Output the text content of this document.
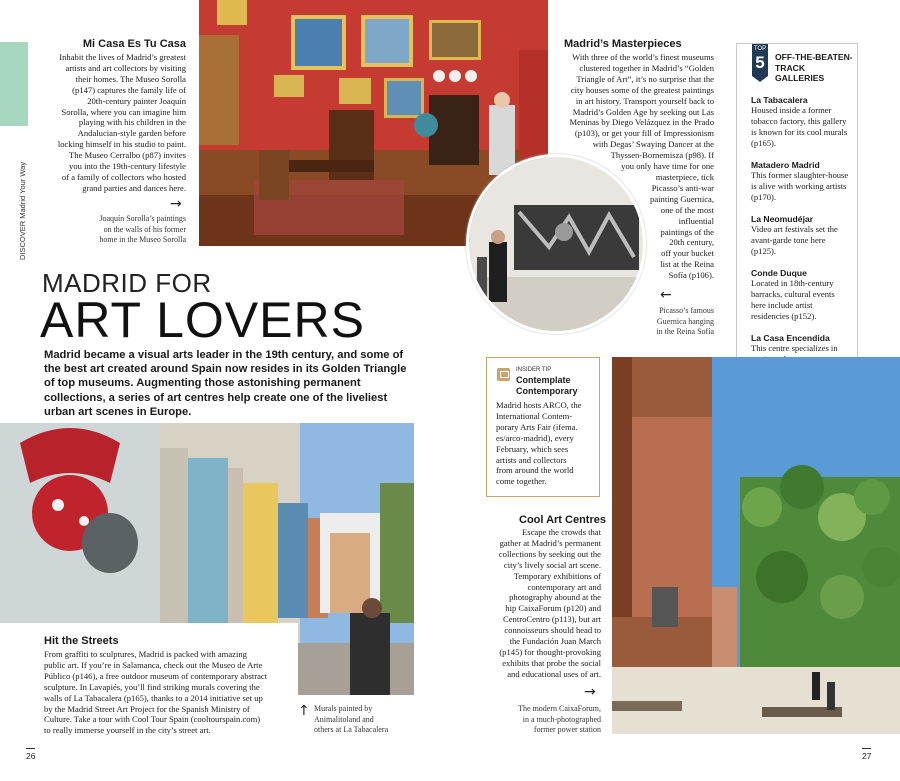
DISCOVER Madrid Your Way
Mi Casa Es Tu Casa
Inhabit the lives of Madrid’s greatest
artists and art collectors by visiting
their homes. The Museo Sorolla
(p147) captures the family life of
20th-century painter Joaquín
Sorolla, where you can imagine him
playing with his children in the
Andalucian-style garden before
locking himself in his studio to paint.
The Museo Cerralbo (p87) invites
you into the 19th-century lifestyle
of a family of collectors who hosted
grand parties and dances here.
→
Joaquín Sorolla’s paintings
on the walls of his former
home in the Museo Sorolla
Madrid’s Masterpieces
With three of the world’s finest museums
clustered together in Madrid’s “Golden
Triangle of Art”, it’s no surprise that the
city houses some of the greatest paintings
in art history. Transport yourself back to
Madrid’s Golden Age by seeking out Las
Meninas by Diego Velázquez in the Prado
(p103), or get your fill of Impressionism
with Degas’ Swaying Dancer at the
Thyssen-Bornemisza (p98). If
you only have time for one
masterpiece, tick
Picasso’s anti-war
painting Guernica,
one of the most
influential
paintings of the
20th century,
off your bucket
list at the Reina
Sofía (p106).
←
Picasso’s famous
Guernica hanging
in the Reina Sofía
TOP
5	OFF-THE-BEATEN-TRACK GALLERIES
La Tabacalera
Housed inside a former tobacco factory, this gallery is known for its cool murals (p165).
Matadero Madrid
This former slaughter-house is alive with working artists (p170).
La Neomudéjar
Video art festivals set the avant-garde tone here (p125).
Conde Duque
Located in 18th-century barracks, cultural events here include artist residencies (p152).
La Casa Encendida
This centre specializes in
MADRID FOR
ART LOVERS
Madrid became a visual arts leader in the 19th century, and some of the best art created around Spain now resides in its Golden Triangle of top museums. Augmenting those astonishing permanent collections, a series of art centres help create one of the liveliest urban art scenes in Europe.
Hit the Streets
From graffiti to sculptures, Madrid is packed with amazing
public art. If you’re in Salamanca, check out the Museo de Arte
Público (p146), a free outdoor museum of contemporary abstract
sculpture. In Lavapiés, you’ll find striking murals covering the
walls of La Tabacalera (p165), thanks to a 2014 initiative set up
by the Madrid Street Art Project for the Spanish Ministry of
Culture. Take a tour with Cool Tour Spain (cooltourspain.com)
to really immerse yourself in the city’s street art.
↑ Murals painted by
Animalitoland and
others at La Tabacalera
INSIDER TIP
Contemplate
Contemporary
Madrid hosts ARCO, the
International Contem-
porary Arts Fair (ifema.
es/arco-madrid), every
February, which sees
artists and collectors
from around the world
come together.
Cool Art Centres
Escape the crowds that
gather at Madrid’s permanent
collections by seeking out the
city’s lively social art scene.
Temporary exhibitions of
contemporary art and
photography abound at the
hip CaixaForum (p120) and
CentroCentro (p113), but art
connoisseurs should head to
the Fundación Juan March
(p145) for thought-provoking
exhibits that probe the social
and educational uses of art.
→
The modern CaixaForum,
in a much-photographed
former power station
26	27
